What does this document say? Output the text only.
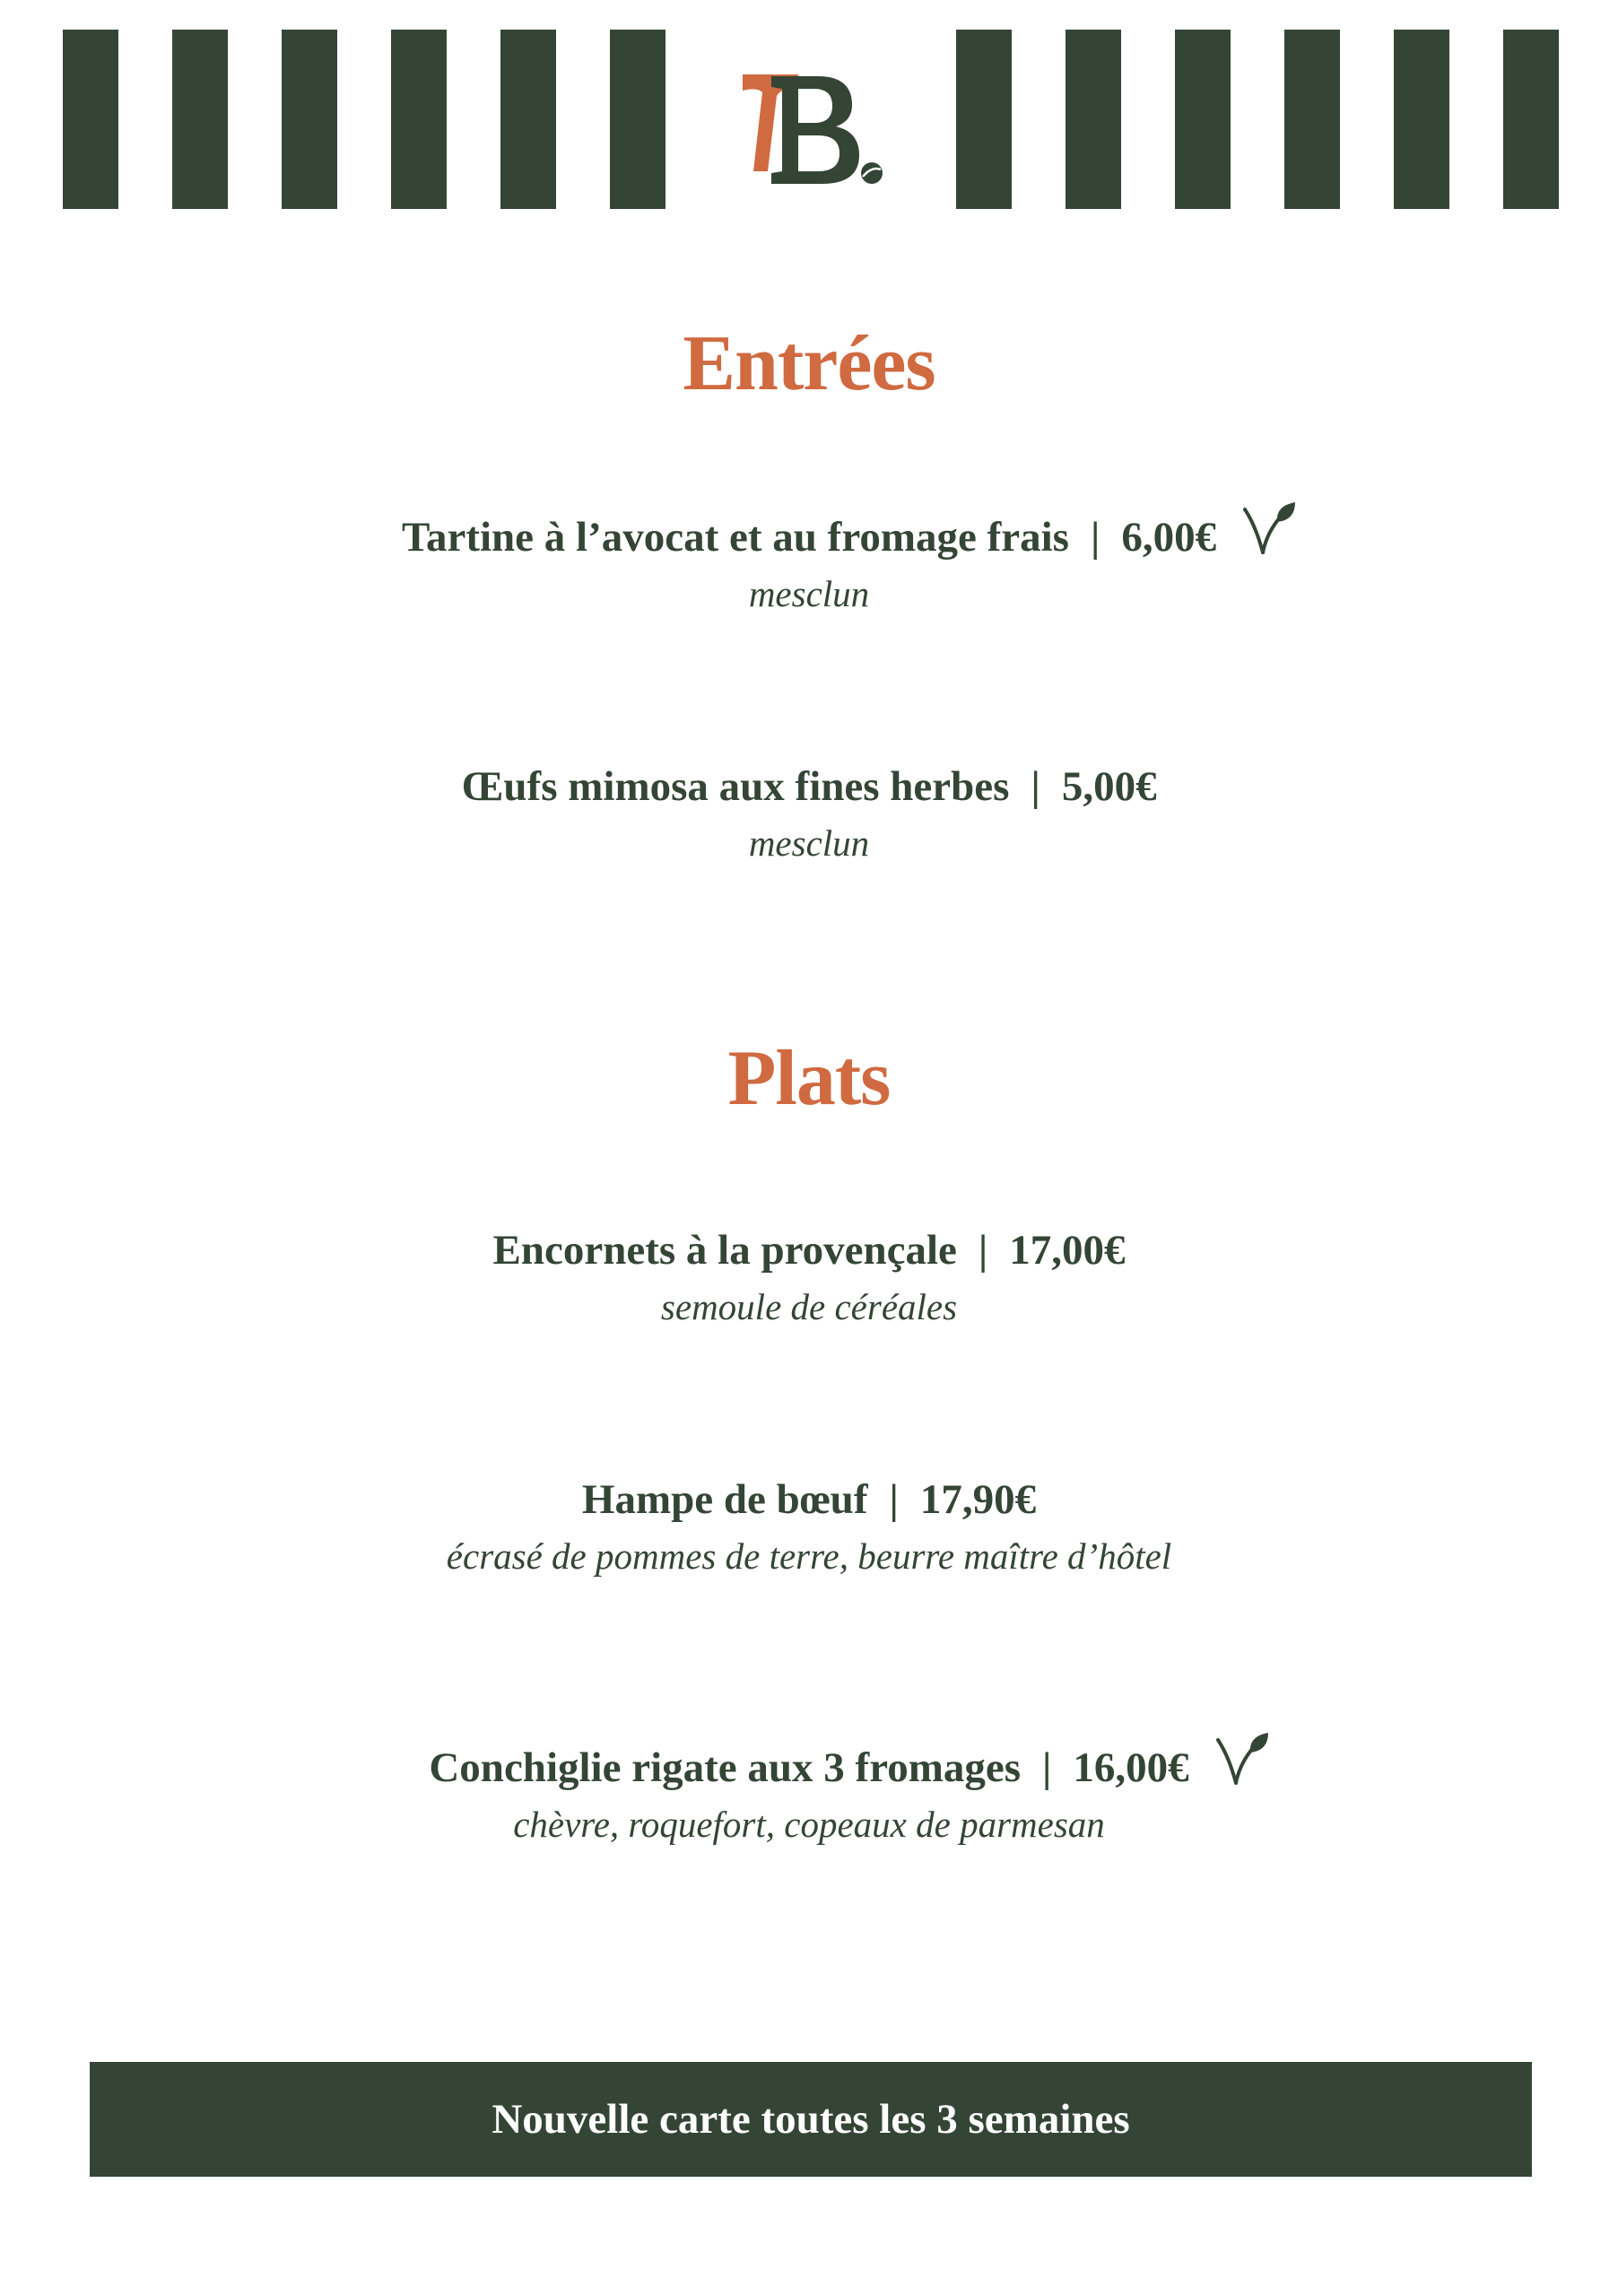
Entrées
Tartine à l’avocat et au fromage frais | 6,00€
mesclun
Œufs mimosa aux fines herbes | 5,00€
mesclun
Plats
Encornets à la provençale | 17,00€
semoule de céréales
Hampe de bœuf | 17,90€
écrasé de pommes de terre, beurre maître d’hôtel
Conchiglie rigate aux 3 fromages | 16,00€
chèvre, roquefort, copeaux de parmesan
Nouvelle carte toutes les 3 semaines
